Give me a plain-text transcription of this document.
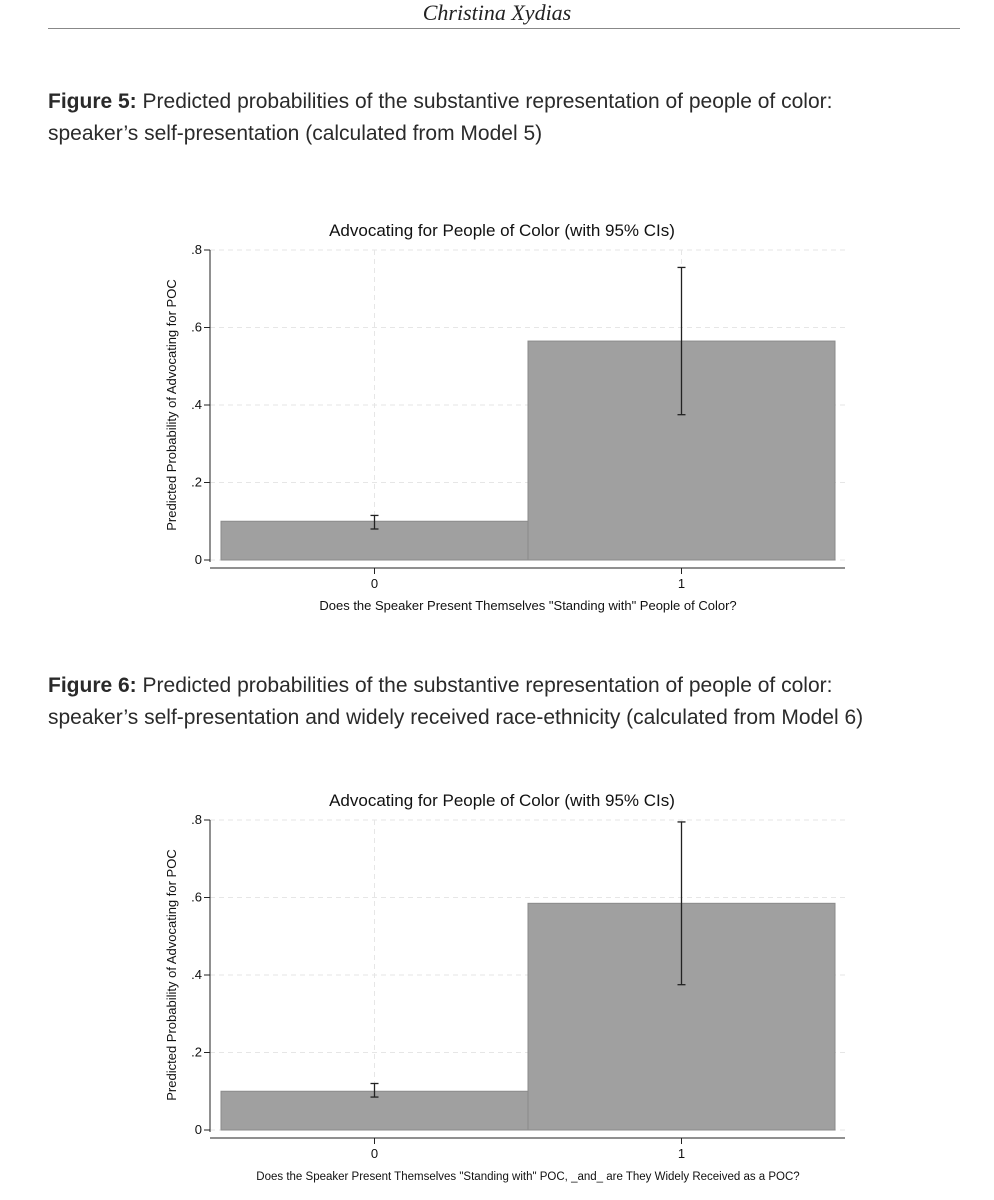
Christina Xydias
Figure 5: Predicted probabilities of the substantive representation of people of color:
speaker’s self-presentation (calculated from Model 5)
Advocating for People of Color (with 95% CIs)
0
.2
.4
.6
.8
0	1
Does the Speaker Present Themselves "Standing with" People of Color?
Predicted Probability of Advocating for POC
Figure 6: Predicted probabilities of the substantive representation of people of color:
speaker’s self-presentation and widely received race-ethnicity (calculated from Model 6)
Advocating for People of Color (with 95% CIs)
0
.2
.4
.6
.8
0	1
Does the Speaker Present Themselves "Standing with" POC, _and_ are They Widely Received as a POC?
Predicted Probability of Advocating for POC
